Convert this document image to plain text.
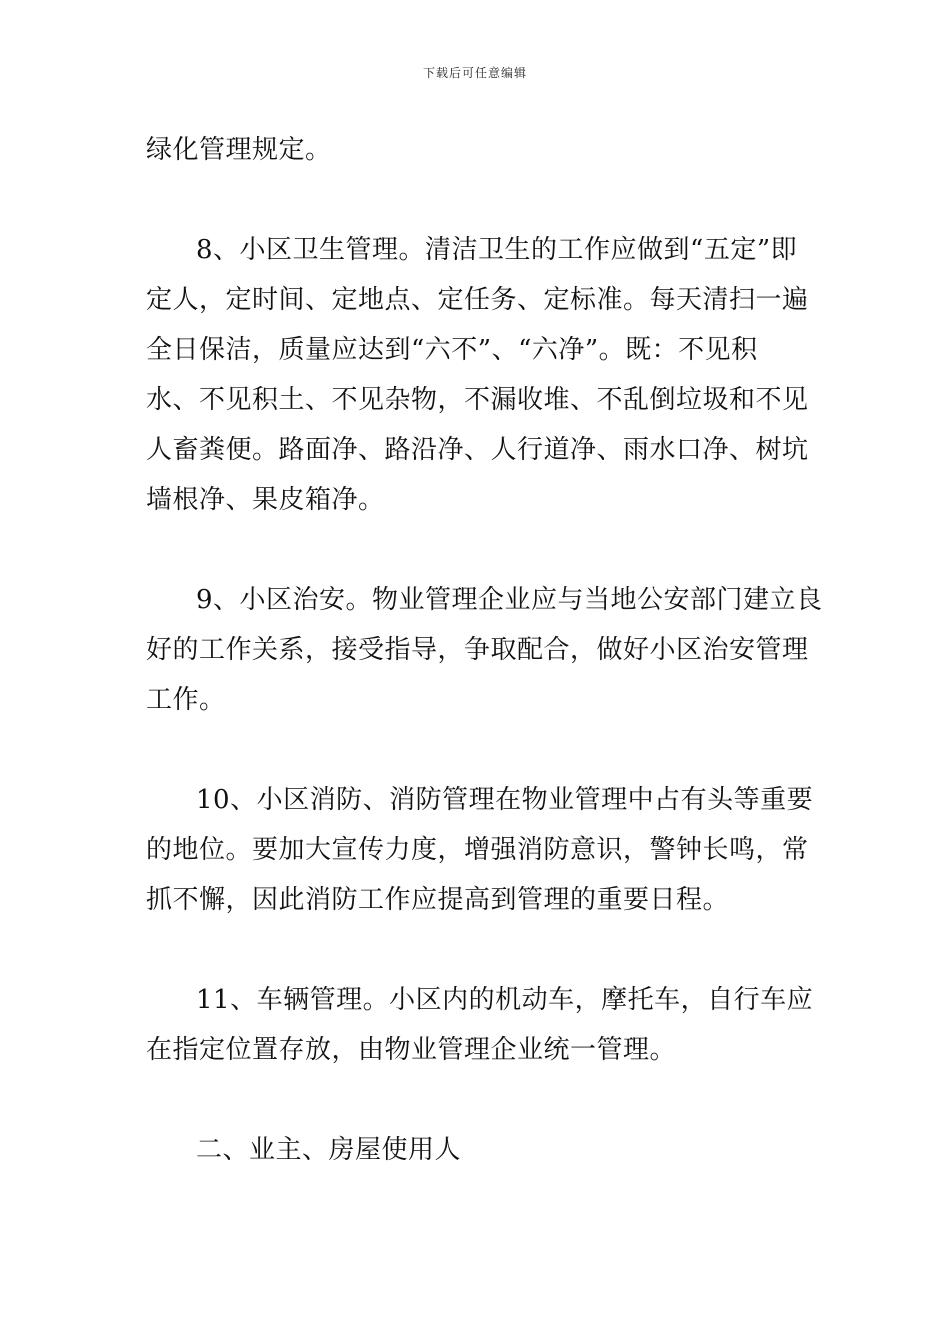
下载后可任意编辑
绿化管理规定。
8、小区卫生管理。清洁卫生的工作应做到“五定”即
定人，定时间、定地点、定任务、定标准。每天清扫一遍
全日保洁，质量应达到“六不”、“六净”。既：不见积
水、不见积土、不见杂物，不漏收堆、不乱倒垃圾和不见
人畜粪便。路面净、路沿净、人行道净、雨水口净、树坑
墙根净、果皮箱净。
9、小区治安。物业管理企业应与当地公安部门建立良
好的工作关系，接受指导，争取配合，做好小区治安管理
工作。
10、小区消防、消防管理在物业管理中占有头等重要
的地位。要加大宣传力度，增强消防意识，警钟长鸣，常
抓不懈，因此消防工作应提高到管理的重要日程。
11、车辆管理。小区内的机动车，摩托车，自行车应
在指定位置存放，由物业管理企业统一管理。
二、业主、房屋使用人
